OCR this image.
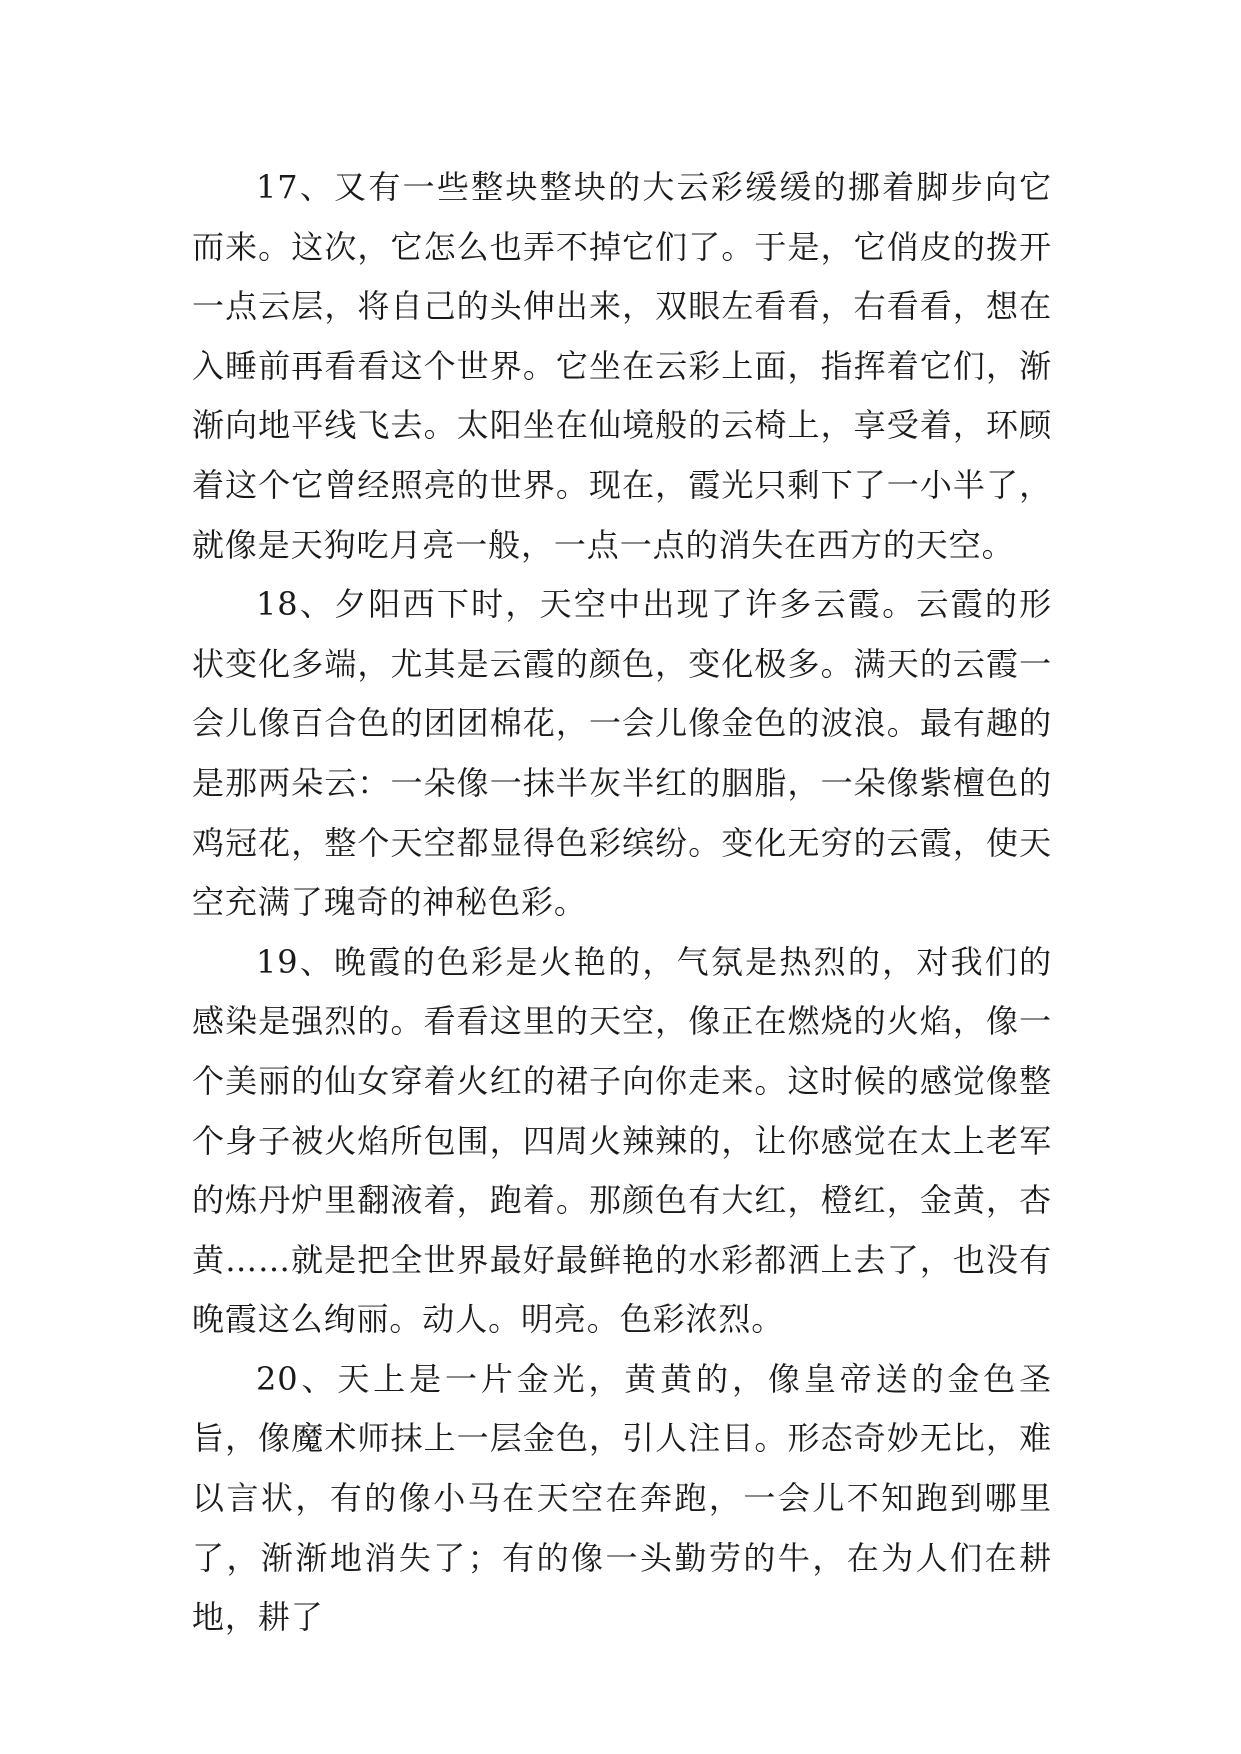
17、又有一些整块整块的大云彩缓缓的挪着脚步向它而来。这次，它怎么也弄不掉它们了。于是，它俏皮的拨开一点云层，将自己的头伸出来，双眼左看看，右看看，想在入睡前再看看这个世界。它坐在云彩上面，指挥着它们，渐渐向地平线飞去。太阳坐在仙境般的云椅上，享受着，环顾着这个它曾经照亮的世界。现在，霞光只剩下了一小半了，就像是天狗吃月亮一般，一点一点的消失在西方的天空。

18、夕阳西下时，天空中出现了许多云霞。云霞的形状变化多端，尤其是云霞的颜色，变化极多。满天的云霞一会儿像百合色的团团棉花，一会儿像金色的波浪。最有趣的是那两朵云：一朵像一抹半灰半红的胭脂，一朵像紫檀色的鸡冠花，整个天空都显得色彩缤纷。变化无穷的云霞，使天空充满了瑰奇的神秘色彩。

19、晚霞的色彩是火艳的，气氛是热烈的，对我们的感染是强烈的。看看这里的天空，像正在燃烧的火焰，像一个美丽的仙女穿着火红的裙子向你走来。这时候的感觉像整个身子被火焰所包围，四周火辣辣的，让你感觉在太上老军的炼丹炉里翻液着，跑着。那颜色有大红，橙红，金黄，杏黄……就是把全世界最好最鲜艳的水彩都洒上去了，也没有晚霞这么绚丽。动人。明亮。色彩浓烈。

20、天上是一片金光，黄黄的，像皇帝送的金色圣旨，像魔术师抹上一层金色，引人注目。形态奇妙无比，难以言状，有的像小马在天空在奔跑，一会儿不知跑到哪里了，渐渐地消失了；有的像一头勤劳的牛，在为人们在耕地，耕了
